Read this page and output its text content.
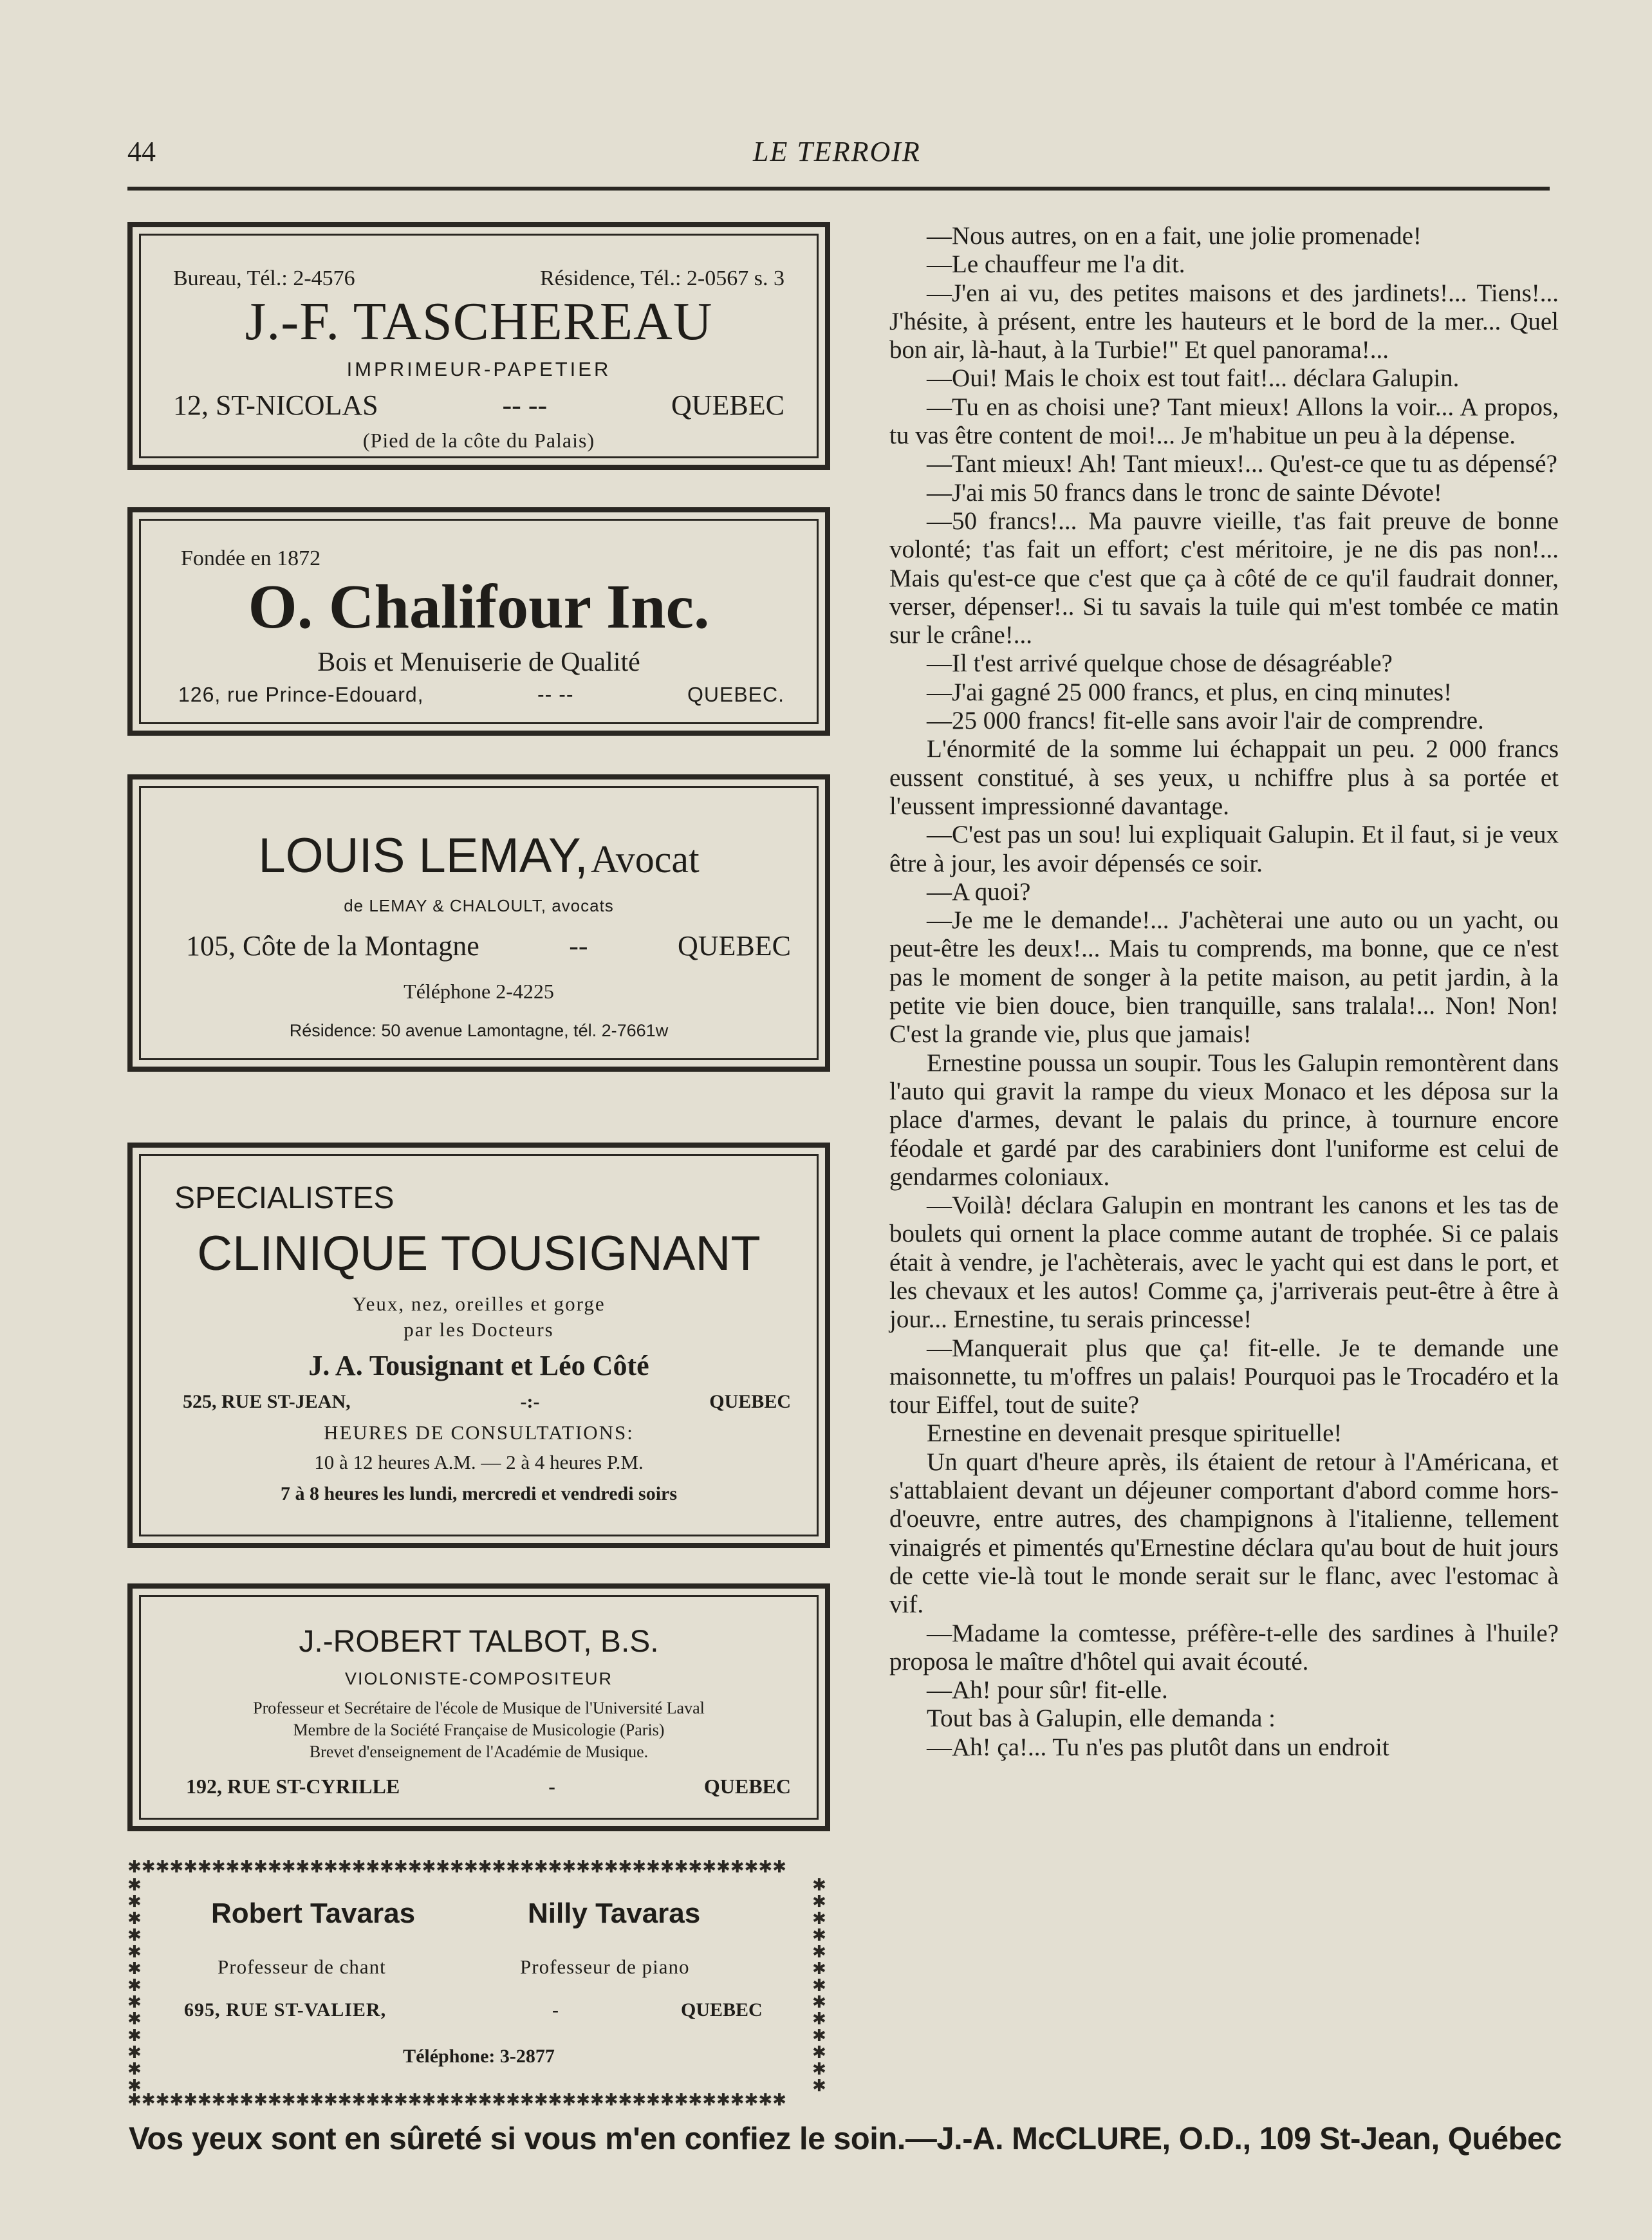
44	LE TERROIR
Bureau, Tél.: 2-4576	Résidence, Tél.: 2-0567 s. 3
J.-F. TASCHEREAU
IMPRIMEUR-PAPETIER
12, ST-NICOLAS	-- --	QUEBEC
(Pied de la côte du Palais)
Fondée en 1872
O. Chalifour Inc.
Bois et Menuiserie de Qualité
126, rue Prince-Edouard,	-- --	QUEBEC.
LOUIS LEMAY, Avocat
de LEMAY & CHALOULT, avocats
105, Côte de la Montagne	--	QUEBEC
Téléphone 2-4225
Résidence: 50 avenue Lamontagne, tél. 2-7661w
SPECIALISTES
CLINIQUE TOUSIGNANT
Yeux, nez, oreilles et gorge
par les Docteurs
J. A. Tousignant et Léo Côté
525, RUE ST-JEAN,	-:-	QUEBEC
HEURES DE CONSULTATIONS:
10 à 12 heures A.M. — 2 à 4 heures P.M.
7 à 8 heures les lundi, mercredi et vendredi soirs
J.-ROBERT TALBOT, B.S.
VIOLONISTE-COMPOSITEUR
Professeur et Secrétaire de l'école de Musique de l'Université Laval
Membre de la Société Française de Musicologie (Paris)
Brevet d'enseignement de l'Académie de Musique.
192, RUE ST-CYRILLE	-	QUEBEC
✱✱✱✱✱✱✱✱✱✱✱✱✱✱✱✱✱✱✱✱✱✱✱✱✱✱✱✱✱✱✱✱✱✱✱✱✱✱✱✱✱✱✱✱✱✱✱
✱✱✱✱✱✱✱✱✱✱✱✱✱✱✱✱✱✱✱✱✱✱✱✱✱✱✱✱✱✱✱✱✱✱✱✱✱✱✱✱✱✱✱✱✱✱✱
✱✱✱✱✱✱✱✱✱✱✱✱✱
✱✱✱✱✱✱✱✱✱✱✱✱✱
Robert Tavaras	Nilly Tavaras
Professeur de chant	Professeur de piano
695, RUE ST-VALIER,	-	QUEBEC
Téléphone: 3-2877

—Nous autres, on en a fait, une jolie promenade!

—Le chauffeur me l'a dit.

—J'en ai vu, des petites maisons et des jardinets!... Tiens!... J'hésite, à présent, entre les hauteurs et le bord de la mer... Quel bon air, là-haut, à la Turbie!'' Et quel panorama!...

—Oui! Mais le choix est tout fait!... déclara Galupin.

—Tu en as choisi une? Tant mieux! Allons la voir... A propos, tu vas être content de moi!... Je m'habitue un peu à la dépense.

—Tant mieux! Ah! Tant mieux!... Qu'est-ce que tu as dépensé?

—J'ai mis 50 francs dans le tronc de sainte Dévote!

—50 francs!... Ma pauvre vieille, t'as fait preuve de bonne volonté; t'as fait un effort; c'est méritoire, je ne dis pas non!... Mais qu'est-ce que c'est que ça à côté de ce qu'il faudrait donner, verser, dépenser!.. Si tu savais la tuile qui m'est tombée ce matin sur le crâne!...

—Il t'est arrivé quelque chose de désagréable?

—J'ai gagné 25 000 francs, et plus, en cinq minutes!

—25 000 francs! fit-elle sans avoir l'air de comprendre.

L'énormité de la somme lui échappait un peu. 2 000 francs eussent constitué, à ses yeux, u nchiffre plus à sa portée et l'eussent impressionné davantage.

—C'est pas un sou! lui expliquait Galupin. Et il faut, si je veux être à jour, les avoir dépensés ce soir.

—A quoi?

—Je me le demande!... J'achèterai une auto ou un yacht, ou peut-être les deux!... Mais tu comprends, ma bonne, que ce n'est pas le moment de songer à la petite maison, au petit jardin, à la petite vie bien douce, bien tranquille, sans tralala!... Non! Non! C'est la grande vie, plus que jamais!

Ernestine poussa un soupir. Tous les Galupin remontèrent dans l'auto qui gravit la rampe du vieux Monaco et les déposa sur la place d'armes, devant le palais du prince, à tournure encore féodale et gardé par des carabiniers dont l'uniforme est celui de gendarmes coloniaux.

—Voilà! déclara Galupin en montrant les canons et les tas de boulets qui ornent la place comme autant de trophée. Si ce palais était à vendre, je l'achèterais, avec le yacht qui est dans le port, et les chevaux et les autos! Comme ça, j'arriverais peut-être à être à jour... Ernestine, tu serais princesse!

—Manquerait plus que ça! fit-elle. Je te demande une maisonnette, tu m'offres un palais! Pourquoi pas le Trocadéro et la tour Eiffel, tout de suite?

Ernestine en devenait presque spirituelle!

Un quart d'heure après, ils étaient de retour à l'Américana, et s'attablaient devant un déjeuner comportant d'abord comme hors-d'oeuvre, entre autres, des champignons à l'italienne, tellement vinaigrés et pimentés qu'Ernestine déclara qu'au bout de huit jours de cette vie-là tout le monde serait sur le flanc, avec l'estomac à vif.

—Madame la comtesse, préfère-t-elle des sardines à l'huile? proposa le maître d'hôtel qui avait écouté.

—Ah! pour sûr! fit-elle.

Tout bas à Galupin, elle demanda :

—Ah! ça!... Tu n'es pas plutôt dans un endroit

Vos yeux sont en sûreté si vous m'en confiez le soin.—J.-A. McCLURE, O.D., 109 St-Jean, Québec
